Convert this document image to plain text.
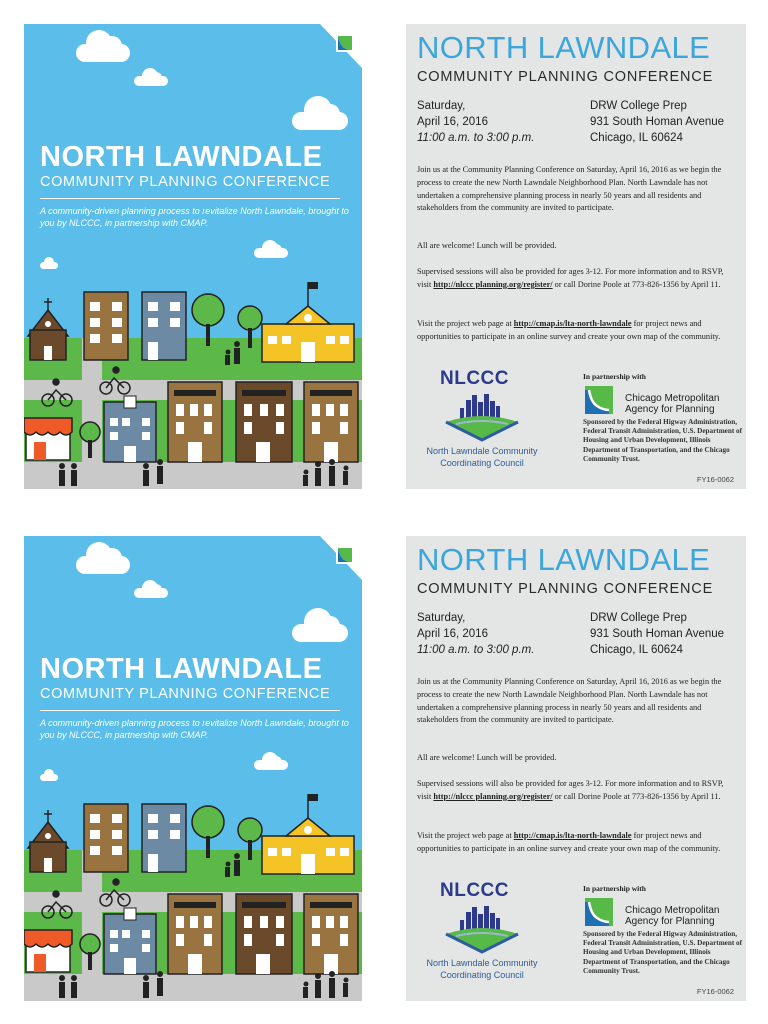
NORTH LAWNDALE
COMMUNITY PLANNING CONFERENCE
A community-driven planning process to revitalize North Lawndale, brought to you by NLCCC, in partnership with CMAP.
NORTH LAWNDALE
COMMUNITY PLANNING CONFERENCE
Saturday,
April 16, 2016
11:00 a.m. to 3:00 p.m.
DRW College Prep
931 South Homan Avenue
Chicago, IL 60624
Join us at the Community Planning Conference on Saturday, April 16, 2016 as we begin the process to create the new North Lawndale Neighborhood Plan. North Lawndale has not undertaken a comprehensive planning process in nearly 50 years and all residents and stakeholders from the community are invited to participate.
All are welcome! Lunch will be provided.
Supervised sessions will also be provided for ages 3-12. For more information and to RSVP, visit http://nlccc planning.org/register/ or call Dorine Poole at 773-826-1356 by April 11.
Visit the project web page at http://cmap.is/lta-north-lawndale for project news and opportunities to participate in an online survey and create your own map of the community.
NLCCC
North Lawndale Community
Coordinating Council
In partnership with
Chicago Metropolitan
Agency for Planning
Sponsored by the Federal Higway Administration, Federal Transit Administration, U.S. Department of Housing and Urban Development, Illinois Department of Transportation, and the Chicago Community Trust.
FY16-0062
NORTH LAWNDALE
COMMUNITY PLANNING CONFERENCE
A community-driven planning process to revitalize North Lawndale, brought to you by NLCCC, in partnership with CMAP.
NORTH LAWNDALE
COMMUNITY PLANNING CONFERENCE
Saturday,
April 16, 2016
11:00 a.m. to 3:00 p.m.
DRW College Prep
931 South Homan Avenue
Chicago, IL 60624
Join us at the Community Planning Conference on Saturday, April 16, 2016 as we begin the process to create the new North Lawndale Neighborhood Plan. North Lawndale has not undertaken a comprehensive planning process in nearly 50 years and all residents and stakeholders from the community are invited to participate.
All are welcome! Lunch will be provided.
Supervised sessions will also be provided for ages 3-12. For more information and to RSVP, visit http://nlccc planning.org/register/ or call Dorine Poole at 773-826-1356 by April 11.
Visit the project web page at http://cmap.is/lta-north-lawndale for project news and opportunities to participate in an online survey and create your own map of the community.
NLCCC
North Lawndale Community
Coordinating Council
In partnership with
Chicago Metropolitan
Agency for Planning
Sponsored by the Federal Higway Administration, Federal Transit Administration, U.S. Department of Housing and Urban Development, Illinois Department of Transportation, and the Chicago Community Trust.
FY16-0062
